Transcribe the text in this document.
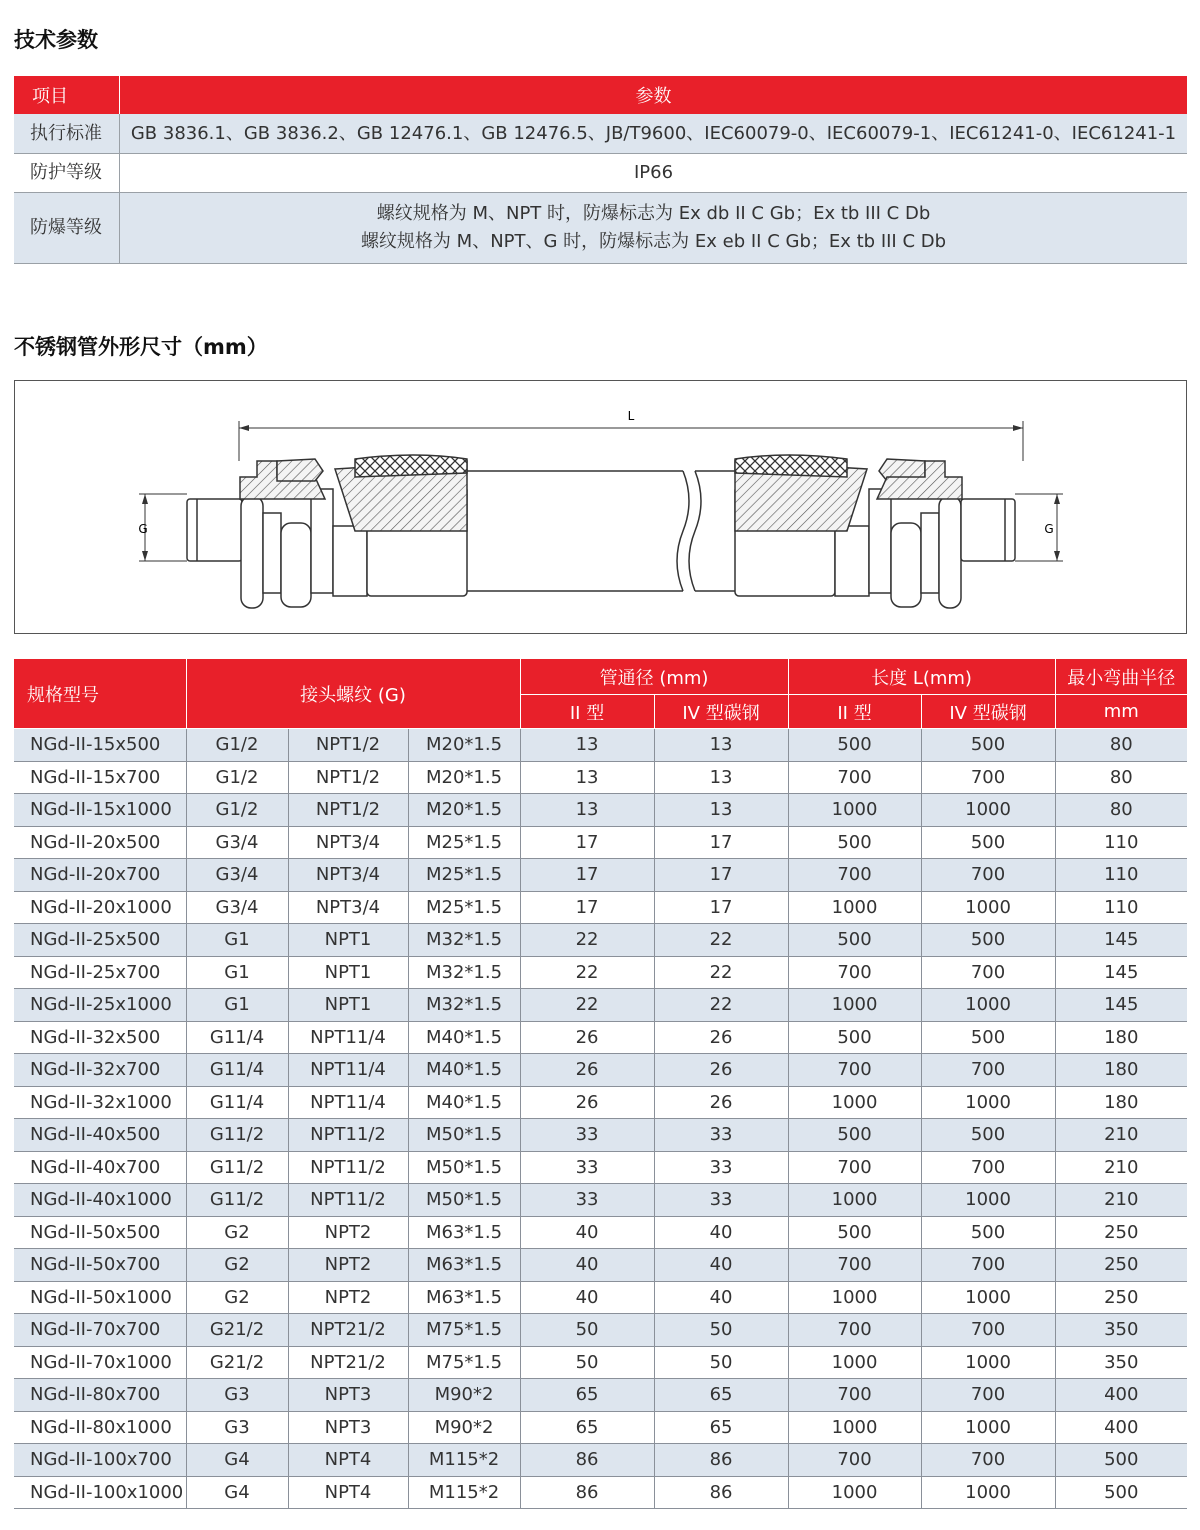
技术参数
项目	参数
执行标准	GB 3836.1、GB 3836.2、GB 12476.1、GB 12476.5、JB/T9600、IEC60079-0、IEC60079-1、IEC61241-0、IEC61241-1
防护等级	IP66
防爆等级	螺纹规格为 M、NPT 时，防爆标志为 Ex db II C Gb；Ex tb III C Db
螺纹规格为 M、NPT、G 时，防爆标志为 Ex eb II C Gb；Ex tb III C Db
不锈钢管外形尺寸（mm）
L
G	G
规格型号	接头螺纹 (G)			管通径 (mm)		长度 L(mm)		最小弯曲半径
				II 型	IV 型碳钢	II 型	IV 型碳钢	mm
NGd-II-15x500	G1/2	NPT1/2	M20*1.5	13	13	500	500	80
NGd-II-15x700	G1/2	NPT1/2	M20*1.5	13	13	700	700	80
NGd-II-15x1000	G1/2	NPT1/2	M20*1.5	13	13	1000	1000	80
NGd-II-20x500	G3/4	NPT3/4	M25*1.5	17	17	500	500	110
NGd-II-20x700	G3/4	NPT3/4	M25*1.5	17	17	700	700	110
NGd-II-20x1000	G3/4	NPT3/4	M25*1.5	17	17	1000	1000	110
NGd-II-25x500	G1	NPT1	M32*1.5	22	22	500	500	145
NGd-II-25x700	G1	NPT1	M32*1.5	22	22	700	700	145
NGd-II-25x1000	G1	NPT1	M32*1.5	22	22	1000	1000	145
NGd-II-32x500	G11/4	NPT11/4	M40*1.5	26	26	500	500	180
NGd-II-32x700	G11/4	NPT11/4	M40*1.5	26	26	700	700	180
NGd-II-32x1000	G11/4	NPT11/4	M40*1.5	26	26	1000	1000	180
NGd-II-40x500	G11/2	NPT11/2	M50*1.5	33	33	500	500	210
NGd-II-40x700	G11/2	NPT11/2	M50*1.5	33	33	700	700	210
NGd-II-40x1000	G11/2	NPT11/2	M50*1.5	33	33	1000	1000	210
NGd-II-50x500	G2	NPT2	M63*1.5	40	40	500	500	250
NGd-II-50x700	G2	NPT2	M63*1.5	40	40	700	700	250
NGd-II-50x1000	G2	NPT2	M63*1.5	40	40	1000	1000	250
NGd-II-70x700	G21/2	NPT21/2	M75*1.5	50	50	700	700	350
NGd-II-70x1000	G21/2	NPT21/2	M75*1.5	50	50	1000	1000	350
NGd-II-80x700	G3	NPT3	M90*2	65	65	700	700	400
NGd-II-80x1000	G3	NPT3	M90*2	65	65	1000	1000	400
NGd-II-100x700	G4	NPT4	M115*2	86	86	700	700	500
NGd-II-100x1000	G4	NPT4	M115*2	86	86	1000	1000	500
